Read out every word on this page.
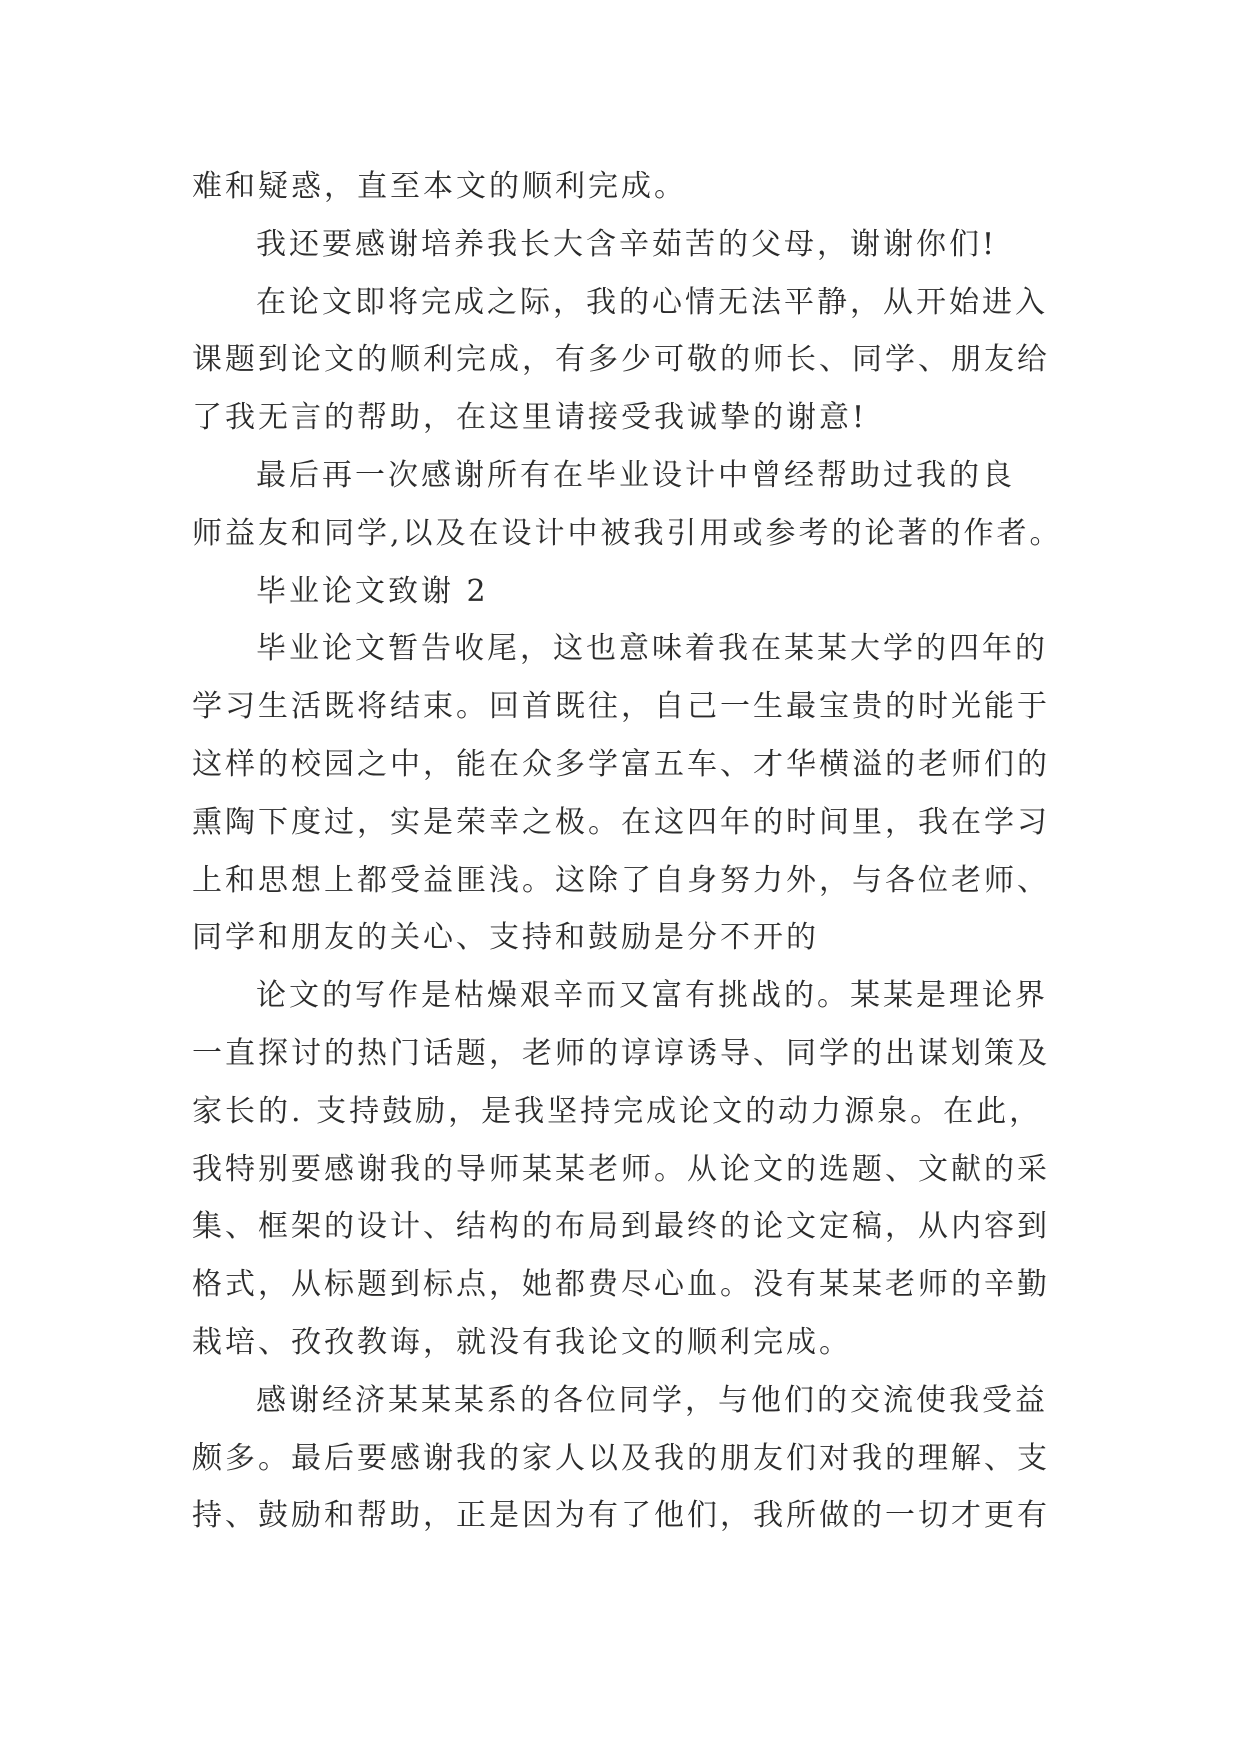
难和疑惑，直至本文的顺利完成。
我还要感谢培养我长大含辛茹苦的父母，谢谢你们!
在论文即将完成之际，我的心情无法平静，从开始进入
课题到论文的顺利完成，有多少可敬的师长、同学、朋友给
了我无言的帮助，在这里请接受我诚挚的谢意!
最后再一次感谢所有在毕业设计中曾经帮助过我的良
师益友和同学,以及在设计中被我引用或参考的论著的作者。
毕业论文致谢 2
毕业论文暂告收尾，这也意味着我在某某大学的四年的
学习生活既将结束。回首既往，自己一生最宝贵的时光能于
这样的校园之中，能在众多学富五车、才华横溢的老师们的
熏陶下度过，实是荣幸之极。在这四年的时间里，我在学习
上和思想上都受益匪浅。这除了自身努力外，与各位老师、
同学和朋友的关心、支持和鼓励是分不开的
论文的写作是枯燥艰辛而又富有挑战的。某某是理论界
一直探讨的热门话题，老师的谆谆诱导、同学的出谋划策及
家长的. 支持鼓励，是我坚持完成论文的动力源泉。在此，
我特别要感谢我的导师某某老师。从论文的选题、文献的采
集、框架的设计、结构的布局到最终的论文定稿，从内容到
格式，从标题到标点，她都费尽心血。没有某某老师的辛勤
栽培、孜孜教诲，就没有我论文的顺利完成。
感谢经济某某某系的各位同学，与他们的交流使我受益
颇多。最后要感谢我的家人以及我的朋友们对我的理解、支
持、鼓励和帮助，正是因为有了他们，我所做的一切才更有
